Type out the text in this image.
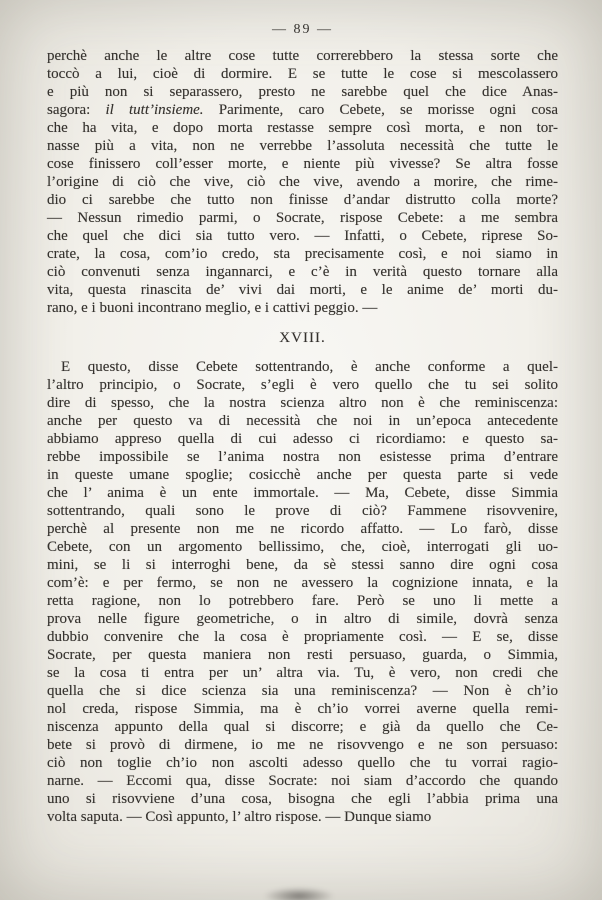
— 89 —

perchè anche le altre cose tutte correrebbero la stessa sorte che
toccò a lui, cioè di dormire. E se tutte le cose si mescolassero
e più non si separassero, presto ne sarebbe quel che dice Anas-
sagora: il tutt’insieme. Parimente, caro Cebete, se morisse ogni cosa
che ha vita, e dopo morta restasse sempre così morta, e non tor-
nasse più a vita, non ne verrebbe l’assoluta necessità che tutte le
cose finissero coll’esser morte, e niente più vivesse? Se altra fosse
l’origine di ciò che vive, ciò che vive, avendo a morire, che rime-
dio ci sarebbe che tutto non finisse d’andar distrutto colla morte?
— Nessun rimedio parmi, o Socrate, rispose Cebete: a me sembra
che quel che dici sia tutto vero. — Infatti, o Cebete, riprese So-
crate, la cosa, com’io credo, sta precisamente così, e noi siamo in
ciò convenuti senza ingannarci, e c’è in verità questo tornare alla
vita, questa rinascita de’ vivi dai morti, e le anime de’ morti du-
rano, e i buoni incontrano meglio, e i cattivi peggio. —

XVIII.

E questo, disse Cebete sottentrando, è anche conforme a quel-
l’altro principio, o Socrate, s’egli è vero quello che tu sei solito
dire di spesso, che la nostra scienza altro non è che reminiscenza:
anche per questo va di necessità che noi in un’epoca antecedente
abbiamo appreso quella di cui adesso ci ricordiamo: e questo sa-
rebbe impossibile se l’anima nostra non esistesse prima d’entrare
in queste umane spoglie; cosicchè anche per questa parte si vede
che l’ anima è un ente immortale. — Ma, Cebete, disse Simmia
sottentrando, quali sono le prove di ciò? Fammene risovvenire,
perchè al presente non me ne ricordo affatto. — Lo farò, disse
Cebete, con un argomento bellissimo, che, cioè, interrogati gli uo-
mini, se li si interroghi bene, da sè stessi sanno dire ogni cosa
com’è: e per fermo, se non ne avessero la cognizione innata, e la
retta ragione, non lo potrebbero fare. Però se uno li mette a
prova nelle figure geometriche, o in altro di simile, dovrà senza
dubbio convenire che la cosa è propriamente così. — E se, disse
Socrate, per questa maniera non resti persuaso, guarda, o Simmia,
se la cosa ti entra per un’ altra via. Tu, è vero, non credi che
quella che si dice scienza sia una reminiscenza? — Non è ch’io
nol creda, rispose Simmia, ma è ch’io vorrei averne quella remi-
niscenza appunto della qual si discorre; e già da quello che Ce-
bete si provò di dirmene, io me ne risovvengo e ne son persuaso:
ciò non toglie ch’io non ascolti adesso quello che tu vorrai ragio-
narne. — Eccomi qua, disse Socrate: noi siam d’accordo che quando
uno si risovviene d’una cosa, bisogna che egli l’abbia prima una
volta saputa. — Così appunto, l’ altro rispose. — Dunque siamo
